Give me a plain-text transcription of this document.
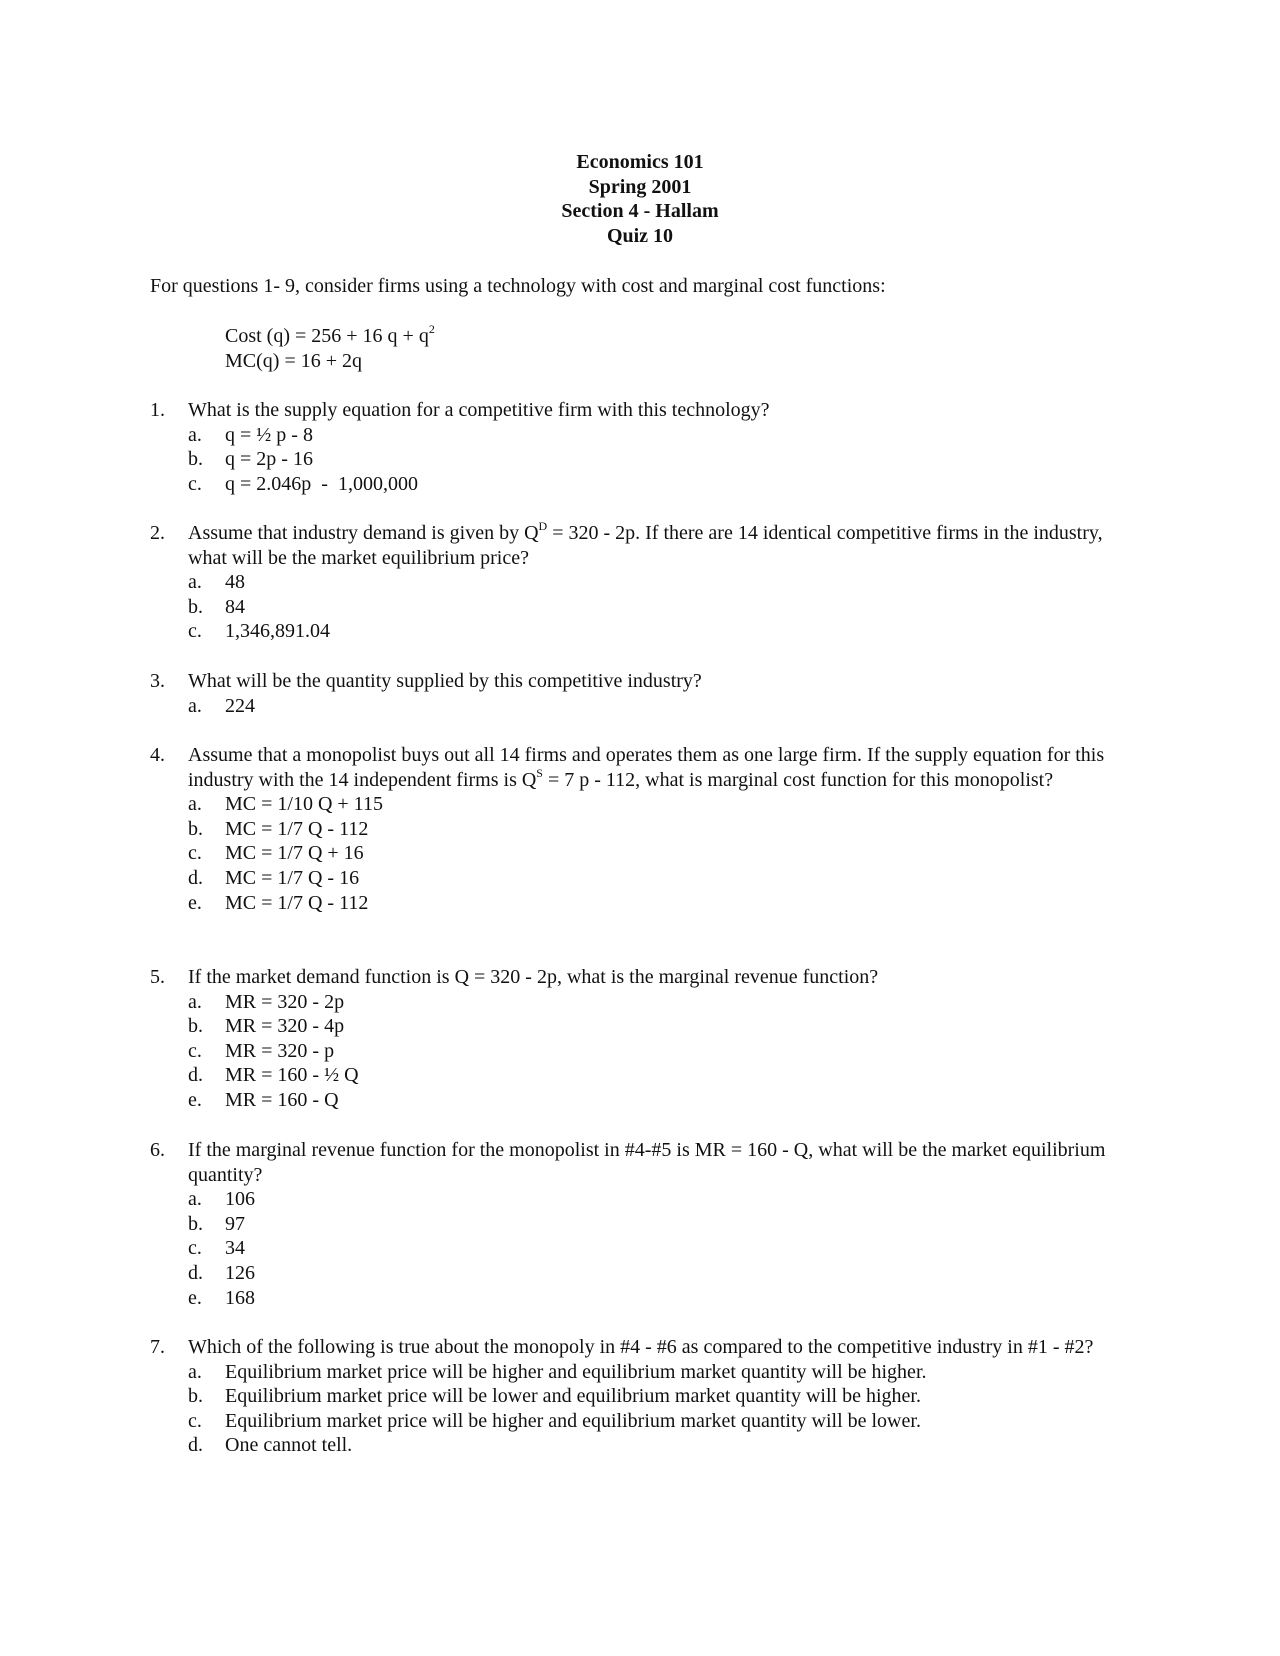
Economics 101
Spring 2001
Section 4 - Hallam
Quiz 10
For questions 1- 9, consider firms using a technology with cost and marginal cost functions:
Cost (q) = 256 + 16 $q + q^2$
MC(q) = 16 + 2q
1.	What is the supply equation for a competitive firm with this technology?
a.	q = ½ p - 8
b.	q = 2p - 16
c.	q = 2.046p  -  1,000,000
2.	Assume that industry demand is given by $Q^D = 320 - 2p$. If there are 14 identical competitive firms in the industry, what will be the market equilibrium price?
a.	48
b.	84
c.	1,346,891.04
3.	What will be the quantity supplied by this competitive industry?
a.	224
4.	Assume that a monopolist buys out all 14 firms and operates them as one large firm. If the supply equation for this industry with the 14 independent firms is $Q^S = 7$ p - 112, what is marginal cost function for this monopolist?
a.	MC = 1/10 Q + 115
b.	MC = 1/7 Q - 112
c.	MC = 1/7 Q + 16
d.	MC = 1/7 Q - 16
e.	MC = 1/7 Q - 112
5.	If the market demand function is Q = 320 - 2p, what is the marginal revenue function?
a.	MR = 320 - 2p
b.	MR = 320 - 4p
c.	MR = 320 - p
d.	MR = 160 - ½ Q
e.	MR = 160 - Q
6.	If the marginal revenue function for the monopolist in #4-#5 is MR = 160 - Q, what will be the market equilibrium quantity?
a.	106
b.	97
c.	34
d.	126
e.	168
7.	Which of the following is true about the monopoly in #4 - #6 as compared to the competitive industry in #1 - #2?
a.	Equilibrium market price will be higher and equilibrium market quantity will be higher.
b.	Equilibrium market price will be lower and equilibrium market quantity will be higher.
c.	Equilibrium market price will be higher and equilibrium market quantity will be lower.
d.	One cannot tell.
